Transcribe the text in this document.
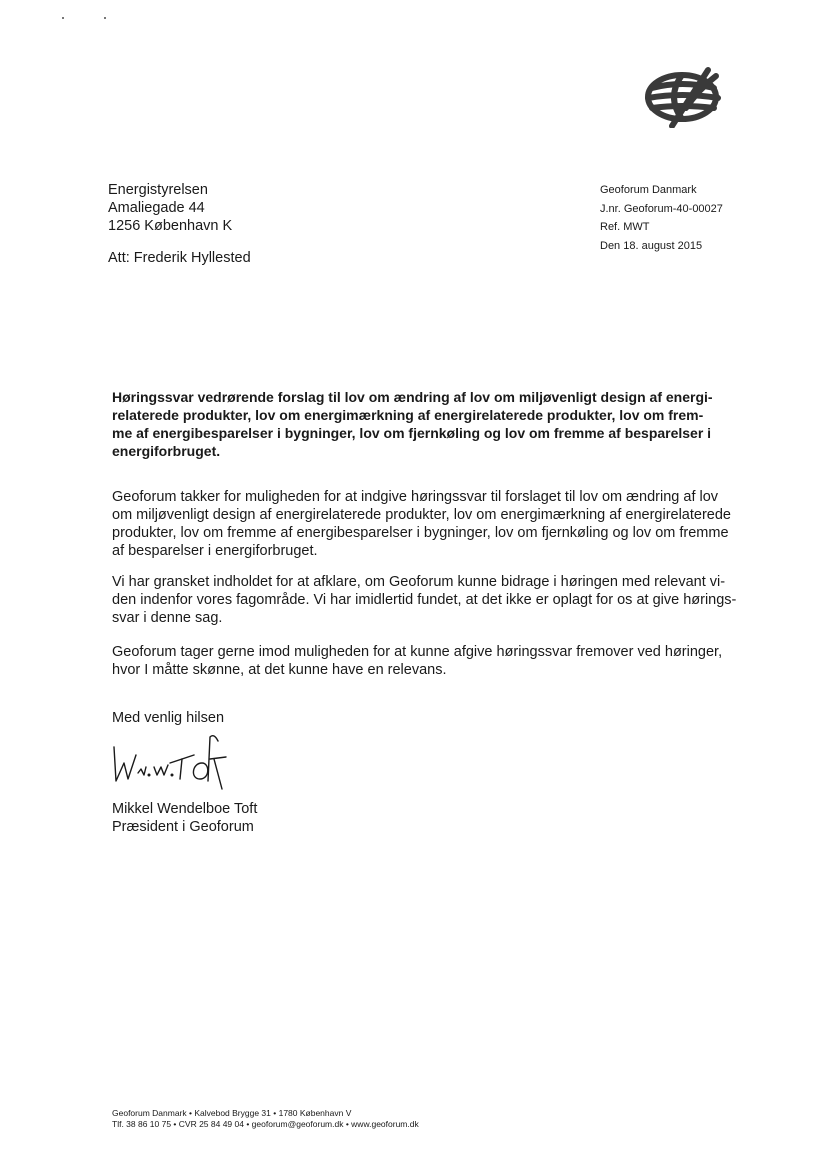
Energistyrelsen
Amaliegade 44
1256 København K
Att: Frederik Hyllested
Geoforum Danmark
J.nr. Geoforum-40-00027
Ref. MWT
Den 18. august 2015
Høringssvar vedrørende forslag til lov om ændring af lov om miljøvenligt design af energi-
relaterede produkter, lov om energimærkning af energirelaterede produkter, lov om frem-
me af energibesparelser i bygninger, lov om fjernkøling og lov om fremme af besparelser i
energiforbruget.
Geoforum takker for muligheden for at indgive høringssvar til forslaget til lov om ændring af lov
om miljøvenligt design af energirelaterede produkter, lov om energimærkning af energirelaterede
produkter, lov om fremme af energibesparelser i bygninger, lov om fjernkøling og lov om fremme
af besparelser i energiforbruget.
Vi har gransket indholdet for at afklare, om Geoforum kunne bidrage i høringen med relevant vi-
den indenfor vores fagområde. Vi har imidlertid fundet, at det ikke er oplagt for os at give hørings-
svar i denne sag.
Geoforum tager gerne imod muligheden for at kunne afgive høringssvar fremover ved høringer,
hvor I måtte skønne, at det kunne have en relevans.
Med venlig hilsen
Mikkel Wendelboe Toft
Præsident i Geoforum
Geoforum Danmark • Kalvebod Brygge 31 • 1780 København V
Tlf. 38 86 10 75 • CVR 25 84 49 04 • geoforum@geoforum.dk • www.geoforum.dk
